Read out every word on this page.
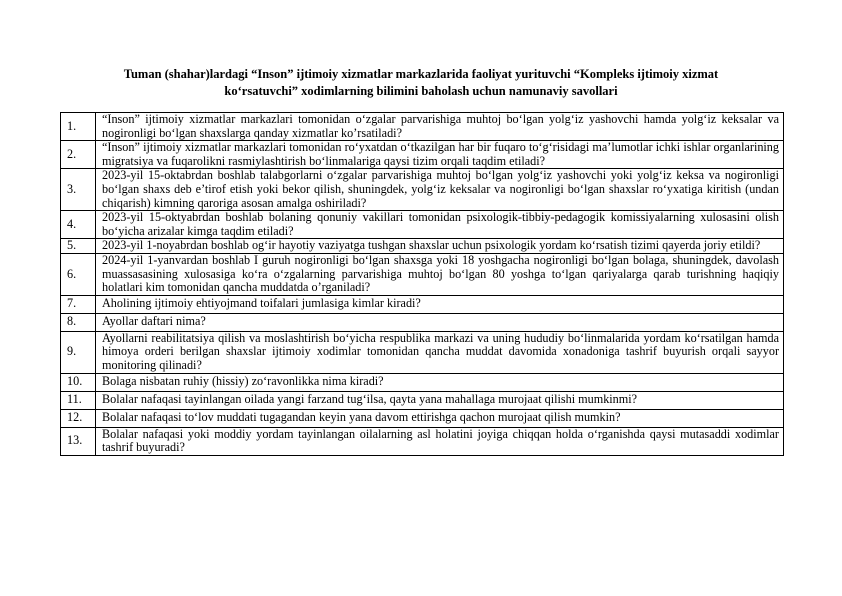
Tuman (shahar)lardagi “Inson” ijtimoiy xizmatlar markazlarida faoliyat yurituvchi “Kompleks ijtimoiy xizmat
ko‘rsatuvchi” xodimlarning bilimini baholash uchun namunaviy savollari
1.	“Inson” ijtimoiy xizmatlar markazlari tomonidan o‘zgalar parvarishiga muhtoj bo‘lgan yolg‘iz yashovchi hamda yolg‘iz keksalar va nogironligi bo‘lgan shaxslarga qanday xizmatlar ko’rsatiladi?
2.	“Inson” ijtimoiy xizmatlar markazlari tomonidan ro‘yxatdan o‘tkazilgan har bir fuqaro to‘g‘risidagi ma’lumotlar ichki ishlar organlarining migratsiya va fuqarolikni rasmiylashtirish bo‘linmalariga qaysi tizim orqali taqdim etiladi?
3.	2023-yil 15-oktabrdan boshlab talabgorlarni o‘zgalar parvarishiga muhtoj bo‘lgan yolg‘iz yashovchi yoki yolg‘iz keksa va nogironligi bo‘lgan shaxs deb e’tirof etish yoki bekor qilish, shuningdek, yolg‘iz keksalar va nogironligi bo‘lgan shaxslar ro‘yxatiga kiritish (undan chiqarish) kimning qaroriga asosan amalga oshiriladi?
4.	2023-yil 15-oktyabrdan boshlab bolaning qonuniy vakillari tomonidan psixologik-tibbiy-pedagogik komissiyalarning xulosasini olish bo‘yicha arizalar kimga taqdim etiladi?
5.	2023-yil 1-noyabrdan boshlab og‘ir hayotiy vaziyatga tushgan shaxslar uchun psixologik yordam ko‘rsatish tizimi qayerda joriy etildi?
6.	2024-yil 1-yanvardan boshlab I guruh nogironligi bo‘lgan shaxsga yoki 18 yoshgacha nogironligi bo‘lgan bolaga, shuningdek, davolash muassasasining xulosasiga ko‘ra o‘zgalarning parvarishiga muhtoj bo‘lgan 80 yoshga to‘lgan qariyalarga qarab turishning haqiqiy holatlari kim tomonidan qancha muddatda o’rganiladi?
7.	Aholining ijtimoiy ehtiyojmand toifalari jumlasiga kimlar kiradi?
8.	Ayollar daftari nima?
9.	Ayollarni reabilitatsiya qilish va moslashtirish bo‘yicha respublika markazi va uning hududiy bo‘linmalarida yordam ko‘rsatilgan hamda himoya orderi berilgan shaxslar ijtimoiy xodimlar tomonidan qancha muddat davomida xonadoniga tashrif buyurish orqali sayyor monitoring qilinadi?
10.	Bolaga nisbatan ruhiy (hissiy) zo‘ravonlikka nima kiradi?
11.	Bolalar nafaqasi tayinlangan oilada yangi farzand tug‘ilsa, qayta yana mahallaga murojaat qilishi mumkinmi?
12.	Bolalar nafaqasi to‘lov muddati tugagandan keyin yana davom ettirishga qachon murojaat qilish mumkin?
13.	Bolalar nafaqasi yoki moddiy yordam tayinlangan oilalarning asl holatini joyiga chiqqan holda o‘rganishda qaysi mutasaddi xodimlar tashrif buyuradi?
